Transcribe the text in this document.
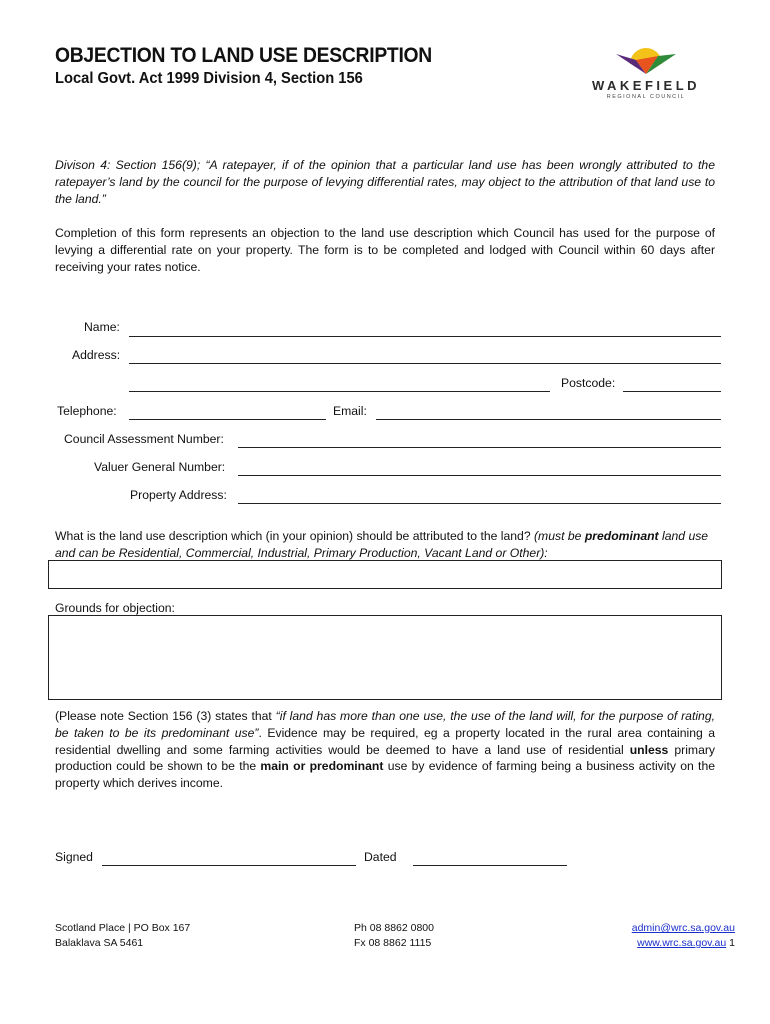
OBJECTION TO LAND USE DESCRIPTION
Local Govt. Act 1999 Division 4, Section 156	WAKEFIELD
REGIONAL COUNCIL
Divison 4: Section 156(9); “A ratepayer, if of the opinion that a particular land use has been wrongly attributed to the ratepayer’s land by the council for the purpose of levying differential rates, may object to the attribution of that land use to the land.”
Completion of this form represents an objection to the land use description which Council has used for the purpose of levying a differential rate on your property. The form is to be completed and lodged with Council within 60 days after receiving your rates notice.
Name:
Address:
Postcode:
Telephone:	Email:
Council Assessment Number:
Valuer General Number:
Property Address:
What is the land use description which (in your opinion) should be attributed to the land? (must be predominant land use and can be Residential, Commercial, Industrial, Primary Production, Vacant Land or Other):
Grounds for objection:
(Please note Section 156 (3) states that “if land has more than one use, the use of the land will, for the purpose of rating, be taken to be its predominant use”. Evidence may be required, eg a property located in the rural area containing a residential dwelling and some farming activities would be deemed to have a land use of residential unless primary production could be shown to be the main or predominant use by evidence of farming being a business activity on the property which derives income.
Signed	Dated
Scotland Place | PO Box 167
Balaklava SA 5461
Ph 08 8862 0800
Fx 08 8862 1115
admin@wrc.sa.gov.au
www.wrc.sa.gov.au 1
